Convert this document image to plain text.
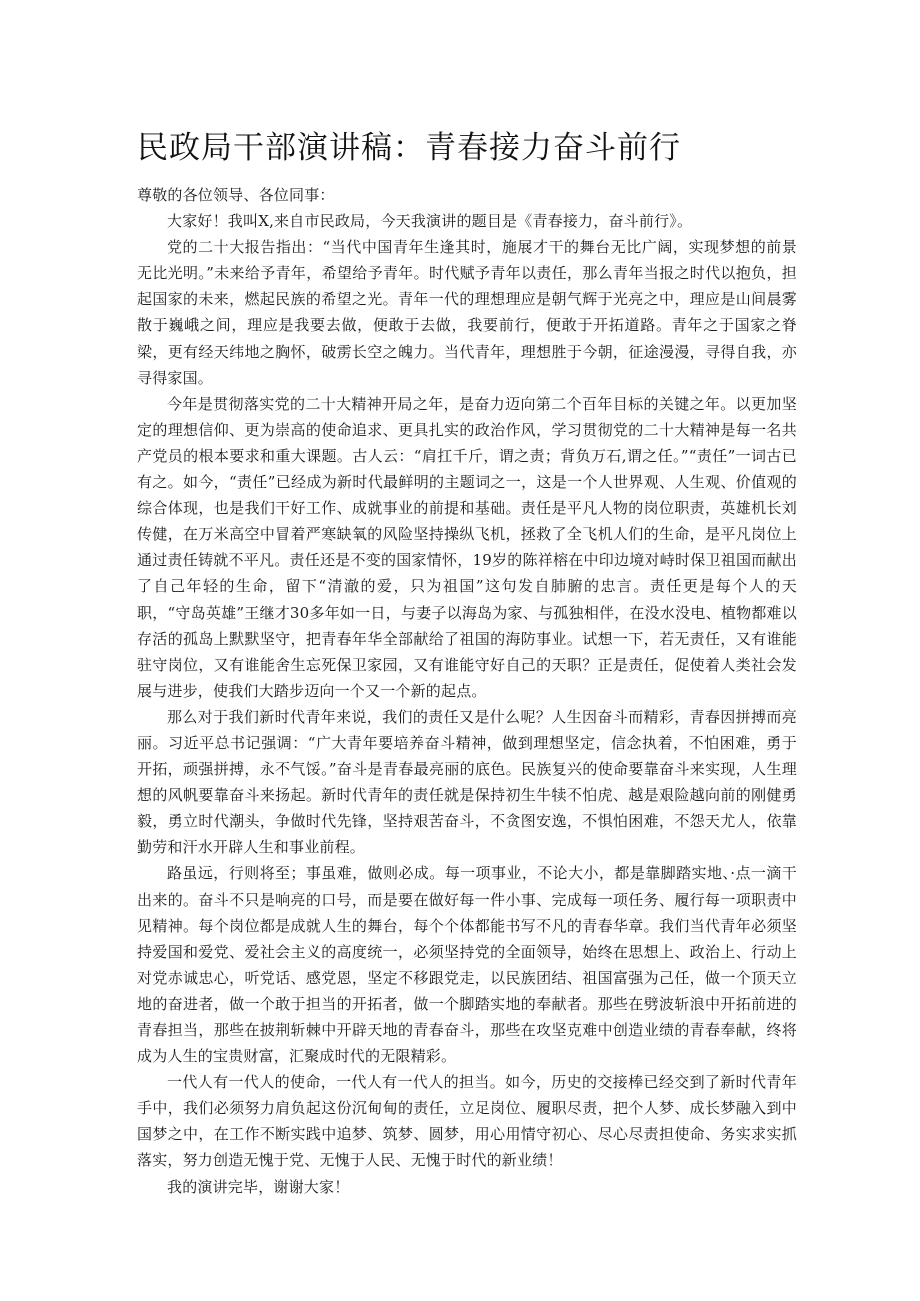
民政局干部演讲稿：青春接力奋斗前行

尊敬的各位领导、各位同事：

大家好！我叫X,来自市民政局，今天我演讲的题目是《青春接力，奋斗前行》。

党的二十大报告指出：“当代中国青年生逢其时，施展才干的舞台无比广阔，实现梦想的前景无比光明。”未来给予青年，希望给予青年。时代赋予青年以责任，那么青年当报之时代以抱负，担起国家的未来，燃起民族的希望之光。青年一代的理想理应是朝气辉于光亮之中，理应是山间晨雾散于巍峨之间，理应是我要去做，便敢于去做，我要前行，便敢于开拓道路。青年之于国家之脊梁，更有经天纬地之胸怀，破雳长空之魄力。当代青年，理想胜于今朝，征途漫漫，寻得自我，亦寻得家国。

今年是贯彻落实党的二十大精神开局之年，是奋力迈向第二个百年目标的关键之年。以更加坚定的理想信仰、更为崇高的使命追求、更具扎实的政治作风，学习贯彻党的二十大精神是每一名共产党员的根本要求和重大课题。古人云：“肩扛千斤，谓之责；背负万石,谓之任。”“责任”一词古已有之。如今，“责任”已经成为新时代最鲜明的主题词之一，这是一个人世界观、人生观、价值观的综合体现，也是我们干好工作、成就事业的前提和基础。责任是平凡人物的岗位职责，英雄机长刘传健，在万米高空中冒着严寒缺氧的风险坚持操纵飞机，拯救了全飞机人们的生命，是平凡岗位上通过责任铸就不平凡。责任还是不变的国家情怀，19岁的陈祥榕在中印边境对峙时保卫祖国而献出了自己年轻的生命，留下“清澈的爱，只为祖国”这句发自肺腑的忠言。责任更是每个人的天职，“守岛英雄”王继才30多年如一日，与妻子以海岛为家、与孤独相伴，在没水没电、植物都难以存活的孤岛上默默坚守，把青春年华全部献给了祖国的海防事业。试想一下，若无责任，又有谁能驻守岗位，又有谁能舍生忘死保卫家园，又有谁能守好自己的天职？正是责任，促使着人类社会发展与进步，使我们大踏步迈向一个又一个新的起点。

那么对于我们新时代青年来说，我们的责任又是什么呢？人生因奋斗而精彩，青春因拼搏而亮丽。习近平总书记强调：“广大青年要培养奋斗精神，做到理想坚定，信念执着，不怕困难，勇于开拓，顽强拼搏，永不气馁。”奋斗是青春最亮丽的底色。民族复兴的使命要靠奋斗来实现，人生理想的风帆要靠奋斗来扬起。新时代青年的责任就是保持初生牛犊不怕虎、越是艰险越向前的刚健勇毅，勇立时代潮头，争做时代先锋，坚持艰苦奋斗，不贪图安逸，不惧怕困难，不怨天尤人，依靠勤劳和汗水开辟人生和事业前程。

路虽远，行则将至；事虽难，做则必成。每一项事业，不论大小，都是靠脚踏实地、·点一滴干出来的。奋斗不只是响亮的口号，而是要在做好每一件小事、完成每一项任务、履行每一项职责中见精神。每个岗位都是成就人生的舞台，每个个体都能书写不凡的青春华章。我们当代青年必须坚持爱国和爱党、爱社会主义的高度统一，必须坚持党的全面领导，始终在思想上、政治上、行动上对党赤诚忠心，听党话、感党恩，坚定不移跟党走，以民族团结、祖国富强为己任，做一个顶天立地的奋进者，做一个敢于担当的开拓者，做一个脚踏实地的奉献者。那些在劈波斩浪中开拓前进的青春担当，那些在披荆斩棘中开辟天地的青春奋斗，那些在攻坚克难中创造业绩的青春奉献，终将成为人生的宝贵财富，汇聚成时代的无限精彩。

一代人有一代人的使命，一代人有一代人的担当。如今，历史的交接棒已经交到了新时代青年手中，我们必须努力肩负起这份沉甸甸的责任，立足岗位、履职尽责，把个人梦、成长梦融入到中国梦之中，在工作不断实践中追梦、筑梦、圆梦，用心用情守初心、尽心尽责担使命、务实求实抓落实，努力创造无愧于党、无愧于人民、无愧于时代的新业绩！

我的演讲完毕，谢谢大家！
